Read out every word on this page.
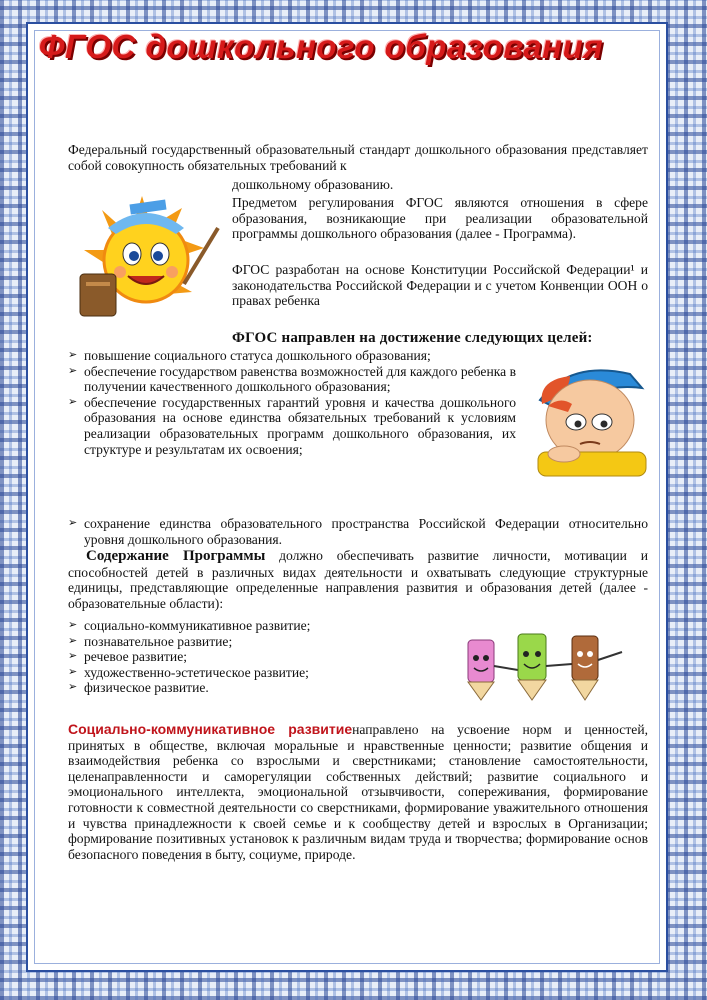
ФГОС дошкольного образования
Федеральный государственный образовательный стандарт дошкольного образования представляет собой совокупность обязательных требований к
дошкольному образованию.
Предметом регулирования ФГОС являются отношения в сфере образования, возникающие при реализации образовательной программы дошкольного образования (далее - Программа).
ФГОС разработан на основе Конституции Российской Федерации¹ и законодательства Российской Федерации и с учетом Конвенции ООН о правах ребенка
ФГОС направлен на достижение следующих целей:
➢ повышение социального статуса дошкольного образования;
➢ обеспечение государством равенства возможностей для каждого ребенка в получении качественного дошкольного образования;
➢ обеспечение государственных гарантий уровня и качества дошкольного образования на основе единства обязательных требований к условиям реализации образовательных программ дошкольного образования, их структуре и результатам их освоения;
➢ сохранение единства образовательного пространства Российской Федерации относительно уровня дошкольного образования.
Содержание Программы должно обеспечивать развитие личности, мотивации и способностей детей в различных видах деятельности и охватывать следующие структурные единицы, представляющие определенные направления развития и образования детей (далее - образовательные области):
➢ социально-коммуникативное развитие;
➢ познавательное развитие;
➢ речевое развитие;
➢ художественно-эстетическое развитие;
➢ физическое развитие.
Социально-коммуникативное развитиенаправлено на усвоение норм и ценностей, принятых в обществе, включая моральные и нравственные ценности; развитие общения и взаимодействия ребенка со взрослыми и сверстниками; становление самостоятельности, целенаправленности и саморегуляции собственных действий; развитие социального и эмоционального интеллекта, эмоциональной отзывчивости, сопереживания, формирование готовности к совместной деятельности со сверстниками, формирование уважительного отношения и чувства принадлежности к своей семье и к сообществу детей и взрослых в Организации; формирование позитивных установок к различным видам труда и творчества; формирование основ безопасного поведения в быту, социуме, природе.
